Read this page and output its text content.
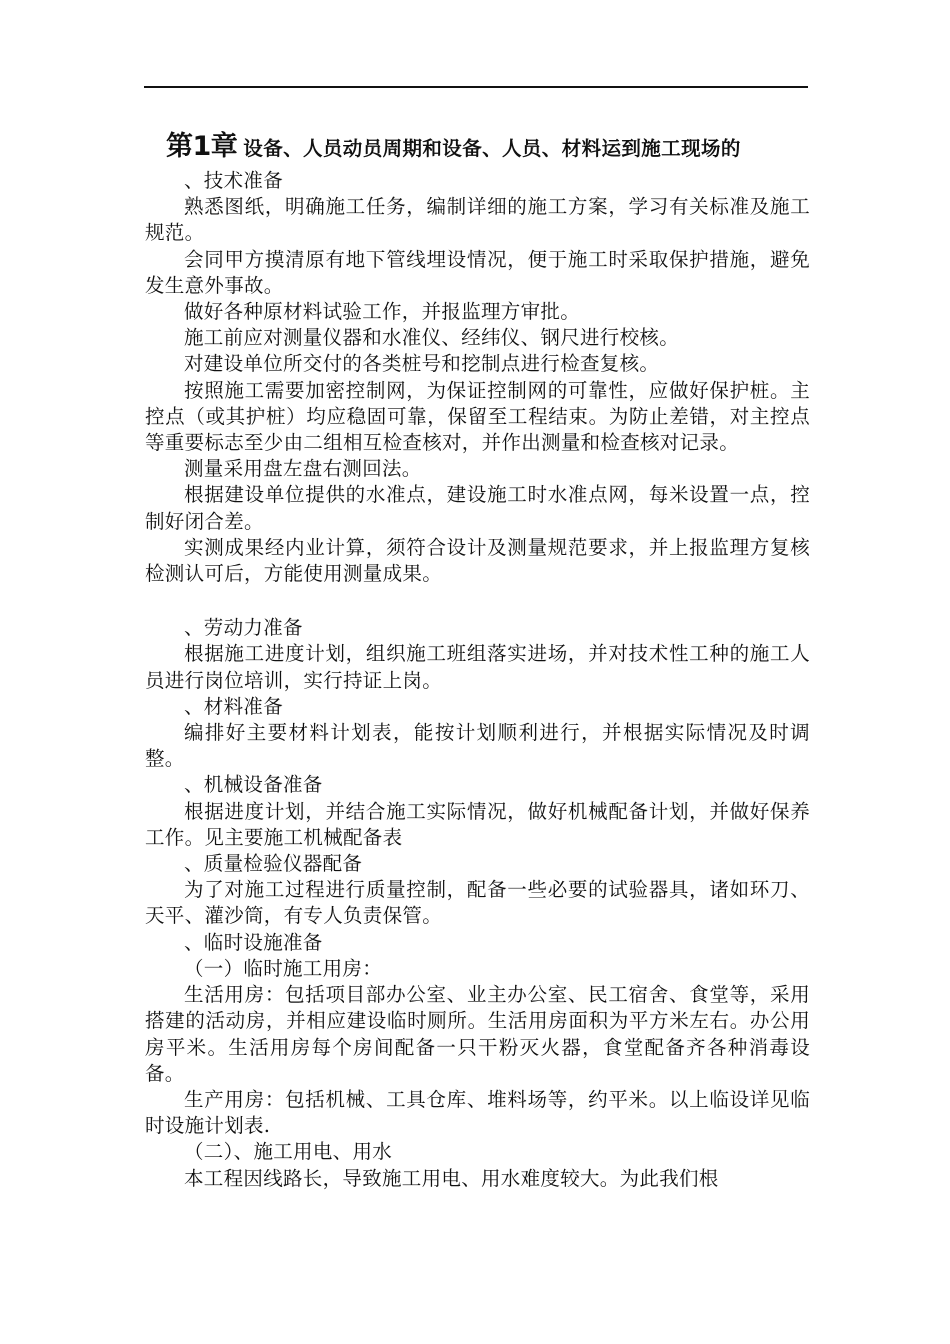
第1章 设备、人员动员周期和设备、人员、材料运到施工现场的
、技术准备
熟悉图纸，明确施工任务，编制详细的施工方案，学习有关标准及施工规范。
会同甲方摸清原有地下管线埋设情况，便于施工时采取保护措施，避免发生意外事故。
做好各种原材料试验工作，并报监理方审批。
施工前应对测量仪器和水准仪、经纬仪、钢尺进行校核。
对建设单位所交付的各类桩号和挖制点进行检查复核。
按照施工需要加密控制网，为保证控制网的可靠性，应做好保护桩。主控点（或其护桩）均应稳固可靠，保留至工程结束。为防止差错，对主控点等重要标志至少由二组相互检查核对，并作出测量和检查核对记录。
测量采用盘左盘右测回法。
根据建设单位提供的水准点，建设施工时水准点网，每米设置一点，控制好闭合差。
实测成果经内业计算，须符合设计及测量规范要求，并上报监理方复核检测认可后，方能使用测量成果。
、劳动力准备
根据施工进度计划，组织施工班组落实进场，并对技术性工种的施工人员进行岗位培训，实行持证上岗。
、材料准备
编排好主要材料计划表，能按计划顺利进行，并根据实际情况及时调整。
、机械设备准备
根据进度计划，并结合施工实际情况，做好机械配备计划，并做好保养工作。见主要施工机械配备表
、质量检验仪器配备
为了对施工过程进行质量控制，配备一些必要的试验器具，诸如环刀、天平、灌沙筒，有专人负责保管。
、临时设施准备
（一）临时施工用房：
生活用房：包括项目部办公室、业主办公室、民工宿舍、食堂等，采用搭建的活动房，并相应建设临时厕所。生活用房面积为平方米左右。办公用房平米。生活用房每个房间配备一只干粉灭火器，食堂配备齐各种消毒设备。
生产用房：包括机械、工具仓库、堆料场等，约平米。以上临设详见临时设施计划表.
（二）、施工用电、用水
本工程因线路长，导致施工用电、用水难度较大。为此我们根
